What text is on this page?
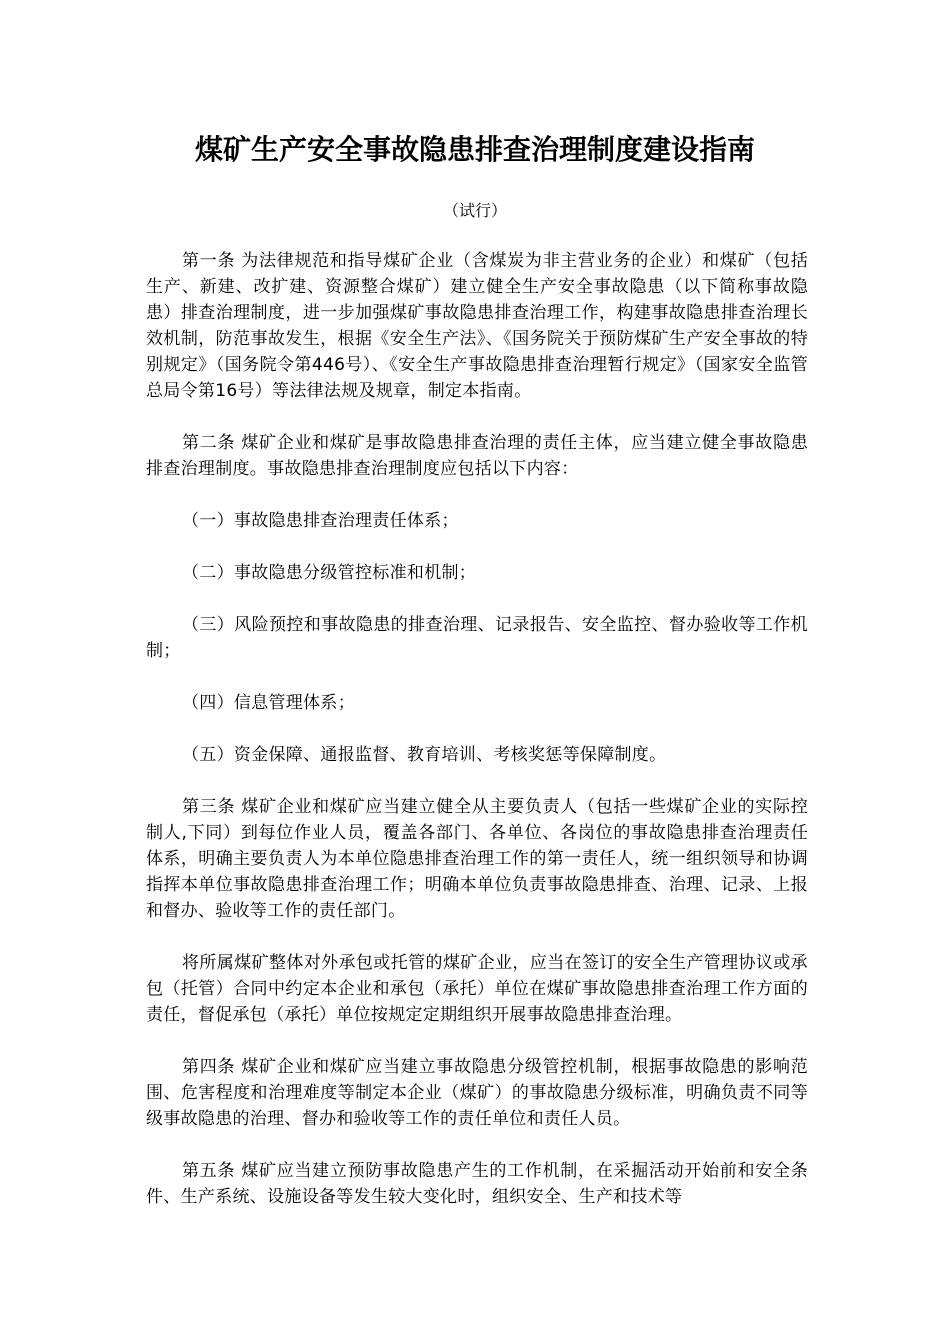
煤矿生产安全事故隐患排查治理制度建设指南
（试行）

第一条 为法律规范和指导煤矿企业（含煤炭为非主营业务的企业）和煤矿（包括生产、新建、改扩建、资源整合煤矿）建立健全生产安全事故隐患（以下简称事故隐患）排查治理制度，进一步加强煤矿事故隐患排查治理工作，构建事故隐患排查治理长效机制，防范事故发生，根据《安全生产法》、《国务院关于预防煤矿生产安全事故的特别规定》（国务院令第446号）、《安全生产事故隐患排查治理暂行规定》（国家安全监管总局令第16号）等法律法规及规章，制定本指南。

第二条 煤矿企业和煤矿是事故隐患排查治理的责任主体，应当建立健全事故隐患排查治理制度。事故隐患排查治理制度应包括以下内容：

（一）事故隐患排查治理责任体系；

（二）事故隐患分级管控标准和机制；

（三）风险预控和事故隐患的排查治理、记录报告、安全监控、督办验收等工作机制；

（四）信息管理体系；

（五）资金保障、通报监督、教育培训、考核奖惩等保障制度。

第三条 煤矿企业和煤矿应当建立健全从主要负责人（包括一些煤矿企业的实际控制人,下同）到每位作业人员，覆盖各部门、各单位、各岗位的事故隐患排查治理责任体系，明确主要负责人为本单位隐患排查治理工作的第一责任人，统一组织领导和协调指挥本单位事故隐患排查治理工作；明确本单位负责事故隐患排查、治理、记录、上报和督办、验收等工作的责任部门。

将所属煤矿整体对外承包或托管的煤矿企业，应当在签订的安全生产管理协议或承包（托管）合同中约定本企业和承包（承托）单位在煤矿事故隐患排查治理工作方面的责任，督促承包（承托）单位按规定定期组织开展事故隐患排查治理。

第四条 煤矿企业和煤矿应当建立事故隐患分级管控机制，根据事故隐患的影响范围、危害程度和治理难度等制定本企业（煤矿）的事故隐患分级标准，明确负责不同等级事故隐患的治理、督办和验收等工作的责任单位和责任人员。

第五条 煤矿应当建立预防事故隐患产生的工作机制，在采掘活动开始前和安全条件、生产系统、设施设备等发生较大变化时，组织安全、生产和技术等
